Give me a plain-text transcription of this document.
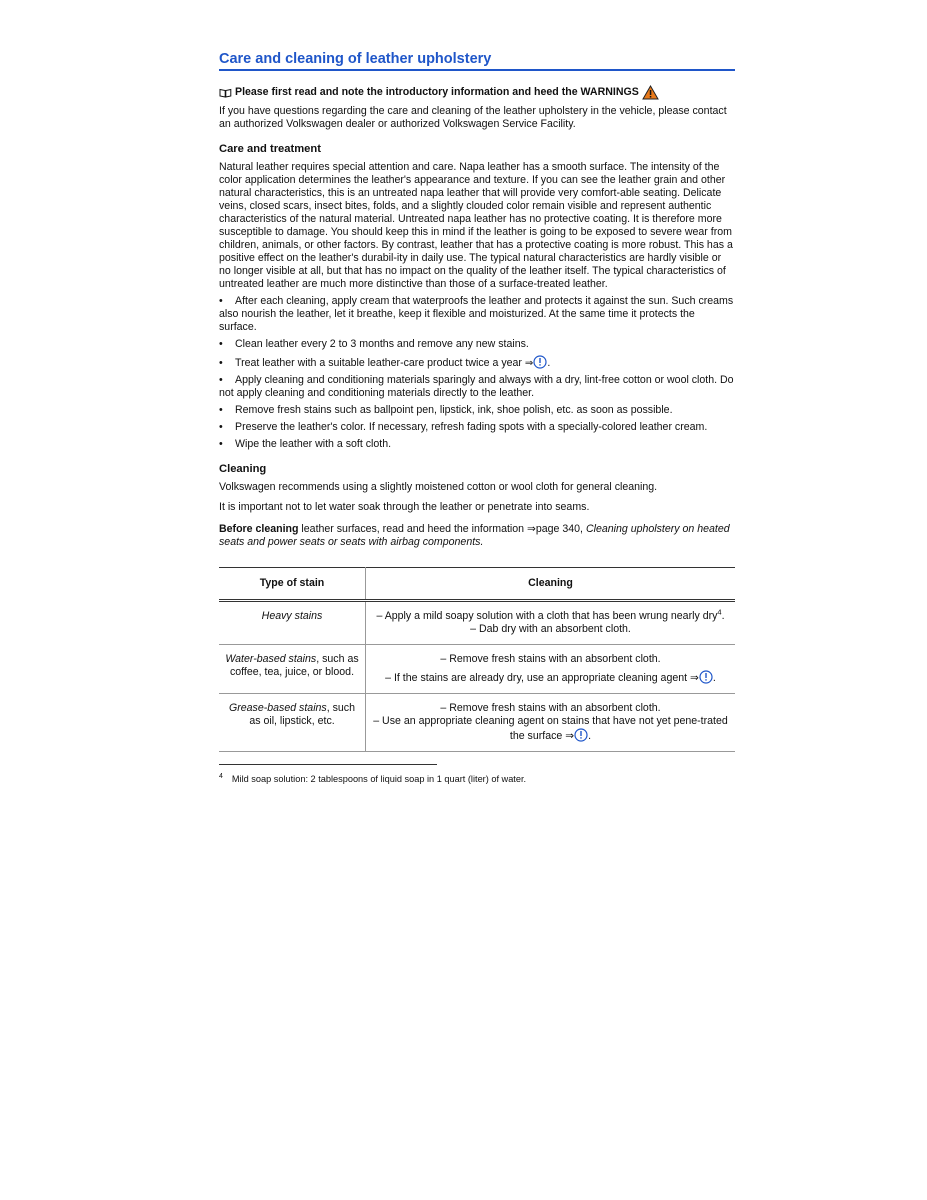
Care and cleaning of leather upholstery
Please first read and note the introductory information and heed the WARNINGS

If you have questions regarding the care and cleaning of the leather upholstery in the vehicle, please contact an authorized Volkswagen dealer or authorized Volkswagen Service Facility.

Care and treatment

Natural leather requires special attention and care. Napa leather has a smooth surface. The intensity of the color application determines the leather's appearance and texture. If you can see the leather grain and other natural characteristics, this is an untreated napa leather that will provide very comfort-able seating. Delicate veins, closed scars, insect bites, folds, and a slightly clouded color remain visible and represent authentic characteristics of the natural material. Untreated napa leather has no protective coating. It is therefore more susceptible to damage. You should keep this in mind if the leather is going to be exposed to severe wear from children, animals, or other factors. By contrast, leather that has a protective coating is more robust. This has a positive effect on the leather's durabil-ity in daily use. The typical natural characteristics are hardly visible or no longer visible at all, but that has no impact on the quality of the leather itself. The typical characteristics of untreated leather are much more distinctive than those of a surface-treated leather.

• After each cleaning, apply cream that waterproofs the leather and protects it against the sun. Such creams also nourish the leather, let it breathe, keep it flexible and moisturized. At the same time it protects the surface.

• Clean leather every 2 to 3 months and remove any new stains.

• Treat leather with a suitable leather-care product twice a year ⇒ .

• Apply cleaning and conditioning materials sparingly and always with a dry, lint-free cotton or wool cloth. Do not apply cleaning and conditioning materials directly to the leather.

• Remove fresh stains such as ballpoint pen, lipstick, ink, shoe polish, etc. as soon as possible.

• Preserve the leather's color. If necessary, refresh fading spots with a specially-colored leather cream.

• Wipe the leather with a soft cloth.

Cleaning

Volkswagen recommends using a slightly moistened cotton or wool cloth for general cleaning.

It is important not to let water soak through the leather or penetrate into seams.

Before cleaning leather surfaces, read and heed the information ⇒page 340, Cleaning upholstery on heated seats and power seats or seats with airbag components.

Type of stain	Cleaning
Heavy stains	– Apply a mild soapy solution with a cloth that has been wrung nearly dry$^4$.
– Dab dry with an absorbent cloth.

Water-based stains, such as coffee, tea, juice, or blood.	– Remove fresh stains with an absorbent cloth.
– If the stains are already dry, use an appropriate cleaning agent ⇒ .

Grease-based stains, such as oil, lipstick, etc.	– Remove fresh stains with an absorbent cloth.
– Use an appropriate cleaning agent on stains that have not yet pene-trated the surface ⇒ .

$^4$ Mild soap solution: 2 tablespoons of liquid soap in 1 quart (liter) of water.
